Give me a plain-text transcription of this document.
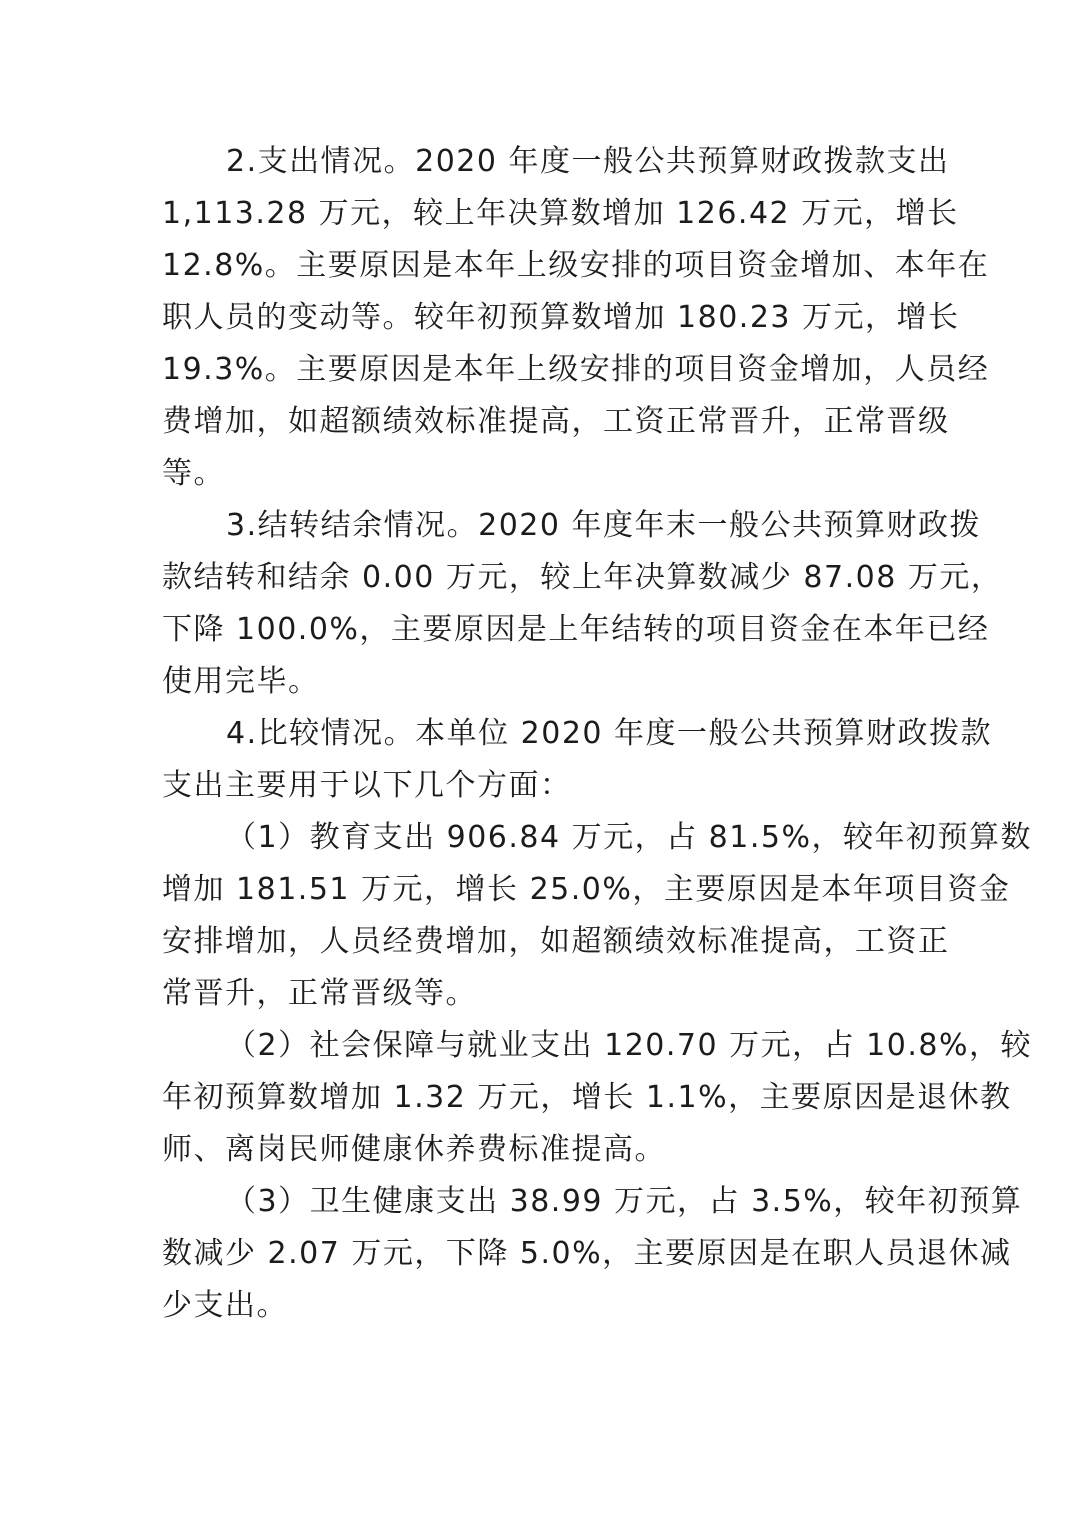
2.支出情况。2020 年度一般公共预算财政拨款支出
1,113.28 万元，较上年决算数增加 126.42 万元，增长
12.8%。主要原因是本年上级安排的项目资金增加、本年在
职人员的变动等。较年初预算数增加 180.23 万元，增长
19.3%。主要原因是本年上级安排的项目资金增加，人员经
费增加，如超额绩效标准提高，工资正常晋升，正常晋级
等。
3.结转结余情况。2020 年度年末一般公共预算财政拨
款结转和结余 0.00 万元，较上年决算数减少 87.08 万元，
下降 100.0%，主要原因是上年结转的项目资金在本年已经
使用完毕。
4.比较情况。本单位 2020 年度一般公共预算财政拨款
支出主要用于以下几个方面：
（1）教育支出 906.84 万元，占 81.5%，较年初预算数
增加 181.51 万元，增长 25.0%，主要原因是本年项目资金
安排增加，人员经费增加，如超额绩效标准提高，工资正
常晋升，正常晋级等。
（2）社会保障与就业支出 120.70 万元，占 10.8%，较
年初预算数增加 1.32 万元，增长 1.1%，主要原因是退休教
师、离岗民师健康休养费标准提高。
（3）卫生健康支出 38.99 万元，占 3.5%，较年初预算
数减少 2.07 万元，下降 5.0%，主要原因是在职人员退休减
少支出。
